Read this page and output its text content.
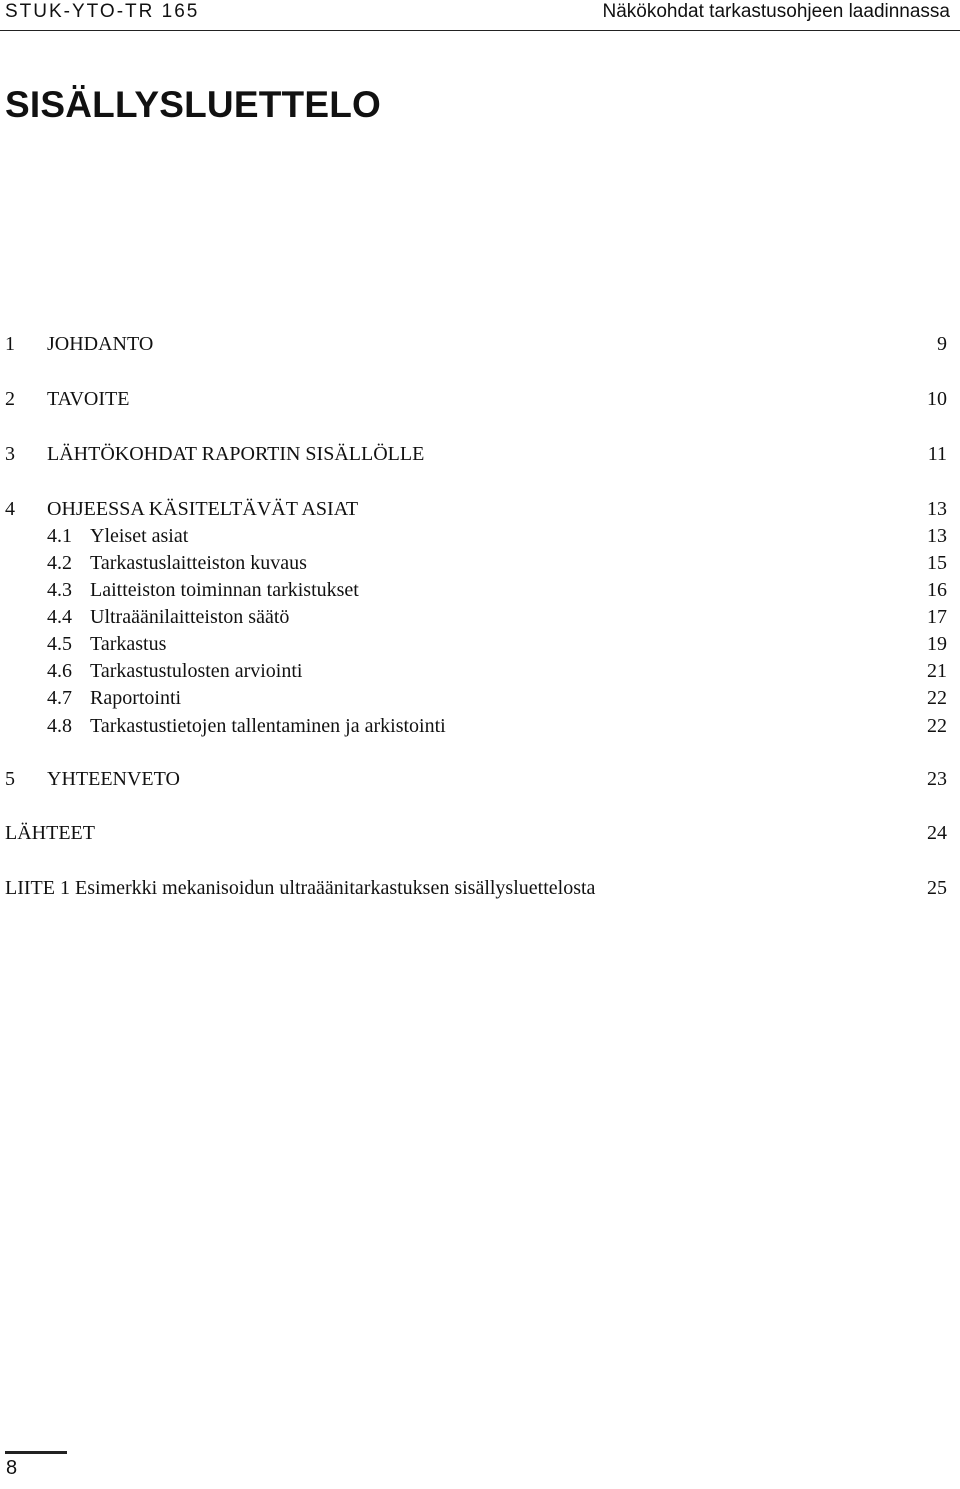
STUK-YTO-TR 165	Näkökohdat tarkastusohjeen laadinnassa
SISÄLLYSLUETTELO
1 JOHDANTO	9
2 TAVOITE	10
3 LÄHTÖKOHDAT RAPORTIN SISÄLLÖLLE	11
4 OHJEESSA KÄSITELTÄVÄT ASIAT	13
4.1 Yleiset asiat	13
4.2 Tarkastuslaitteiston kuvaus	15
4.3 Laitteiston toiminnan tarkistukset	16
4.4 Ultraäänilaitteiston säätö	17
4.5 Tarkastus	19
4.6 Tarkastustulosten arviointi	21
4.7 Raportointi	22
4.8 Tarkastustietojen tallentaminen ja arkistointi	22
5 YHTEENVETO	23
LÄHTEET	24
LIITE 1 Esimerkki mekanisoidun ultraäänitarkastuksen sisällysluettelosta	25
8
